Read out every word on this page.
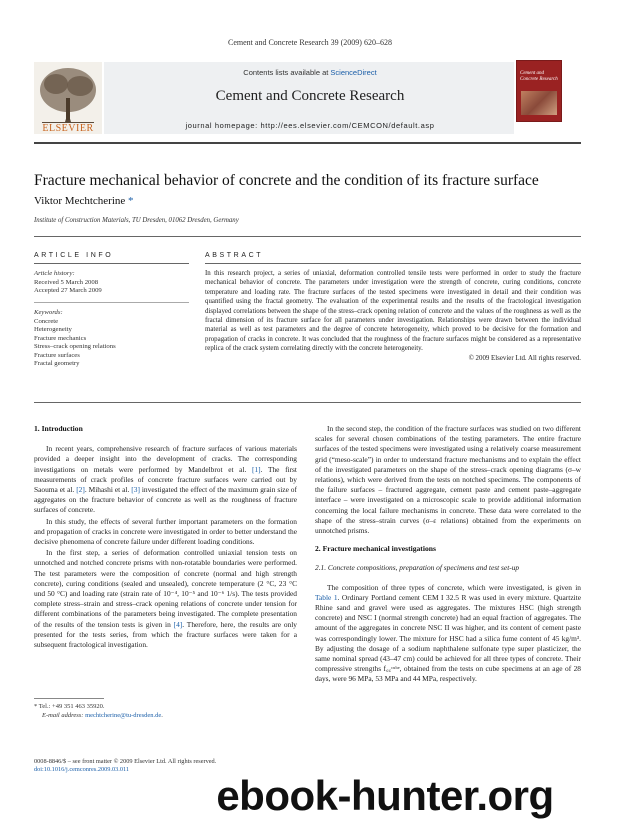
Cement and Concrete Research 39 (2009) 620–628
ELSEVIER
Contents lists available at ScienceDirect
Cement and Concrete Research
journal homepage: http://ees.elsevier.com/CEMCON/default.asp
Cement and Concrete Research
Fracture mechanical behavior of concrete and the condition of its fracture surface
Viktor Mechtcherine *
Institute of Construction Materials, TU Dresden, 01062 Dresden, Germany
ARTICLE INFO
Article history:
Received 5 March 2008
Accepted 27 March 2009
Keywords:
Concrete
Heterogeneity
Fracture mechanics
Stress–crack opening relations
Fracture surfaces
Fractal geometry
ABSTRACT
In this research project, a series of uniaxial, deformation controlled tensile tests were performed in order to study the fracture mechanical behavior of concrete. The parameters under investigation were the strength of concrete, curing conditions, concrete temperature and loading rate. The fracture surfaces of the tested specimens were investigated in detail and their condition was quantified using the fractal geometry. The evaluation of the experimental results and the results of the fractological investigation displayed correlations between the shape of the stress–crack opening relation of concrete and the values of the roughness as well as the fractal dimension of its fracture surface for all parameters under investigation. Relationships were drawn between the individual material as well as test parameters and the degree of concrete heterogeneity, which proved to be decisive for the formation and propagation of cracks in concrete. It was concluded that the roughness of the fracture surfaces might be considered as a representative replica of the crack system correlating directly with the concrete heterogeneity.
© 2009 Elsevier Ltd. All rights reserved.
1. Introduction

In recent years, comprehensive research of fracture surfaces of various materials provided a deeper insight into the development of cracks. The corresponding investigations on metals were performed by Mandelbrot et al. [1]. The first measurements of crack profiles of concrete fracture surfaces were carried out by Saouma et al. [2]. Mihashi et al. [3] investigated the effect of the maximum grain size of aggregates on the fracture behavior of concrete as well as the roughness of fracture surfaces of concrete.

In this study, the effects of several further important parameters on the formation and propagation of cracks in concrete were investigated in order to better understand the decisive phenomena of concrete failure under different loading conditions.

In the first step, a series of deformation controlled uniaxial tension tests on unnotched and notched concrete prisms with non-rotatable boundaries were performed. The test parameters were the composition of concrete (normal and high strength concrete), curing conditions (sealed and unsealed), concrete temperature (2 °C, 23 °C und 50 °C) and loading rate (strain rate of 10⁻⁴, 10⁻⁵ and 10⁻⁶ 1/s). The tests provided complete stress–strain and stress–crack opening relations of concrete under tension for different combinations of the parameters being investigated. The complete presentation of the results of the tension tests is given in [4]. Therefore, here, the results are only presented for the tests series, from which the fracture surfaces were taken for a subsequent fractological investigation.

In the second step, the condition of the fracture surfaces was studied on two different scales for several chosen combinations of the testing parameters. The entire fracture surfaces of the tested specimens were investigated using a relatively coarse measurement grid (“meso-scale”) in order to understand fracture mechanisms and to explain the effect of the investigated parameters on the shape of the stress–crack opening diagrams (σ–w relations), which were derived from the tests on notched specimens. The components of the failure surfaces – fractured aggregate, cement paste and cement paste–aggregate interface – were investigated on a microscopic scale to provide additional information concerning the local failure mechanisms in concrete. These data were correlated to the shape of the stress–strain curves (σ–ε relations) obtained from the experiments on unnotched prisms.

2. Fracture mechanical investigations
2.1. Concrete compositions, preparation of specimens and test set-up

The composition of three types of concrete, which were investigated, is given in Table 1. Ordinary Portland cement CEM I 32.5 R was used in every mixture. Quartzite Rhine sand and gravel were used as aggregates. The mixtures HSC (high strength concrete) and NSC I (normal strength concrete) had an equal fraction of aggregates. The amount of the aggregates in concrete NSC II was higher, and its content of cement paste was correspondingly lower. The mixture for HSC had a silica fume content of 45 kg/m³. By adjusting the dosage of a sodium naphthalene sulfonate type super plasticizer, the same nominal spread (43–47 cm) could be achieved for all three types of concrete. Their compressive strengths f꜀꜀ᶜᵘᵇᵉ, obtained from the tests on cube specimens at an age of 28 days, were 96 MPa, 53 MPa and 44 MPa, respectively.

* Tel.: +49 351 463 35920.
E-mail address: mechtcherine@tu-dresden.de.
0008-8846/$ – see front matter © 2009 Elsevier Ltd. All rights reserved.
doi:10.1016/j.cemconres.2009.03.011
ebook-hunter.org
